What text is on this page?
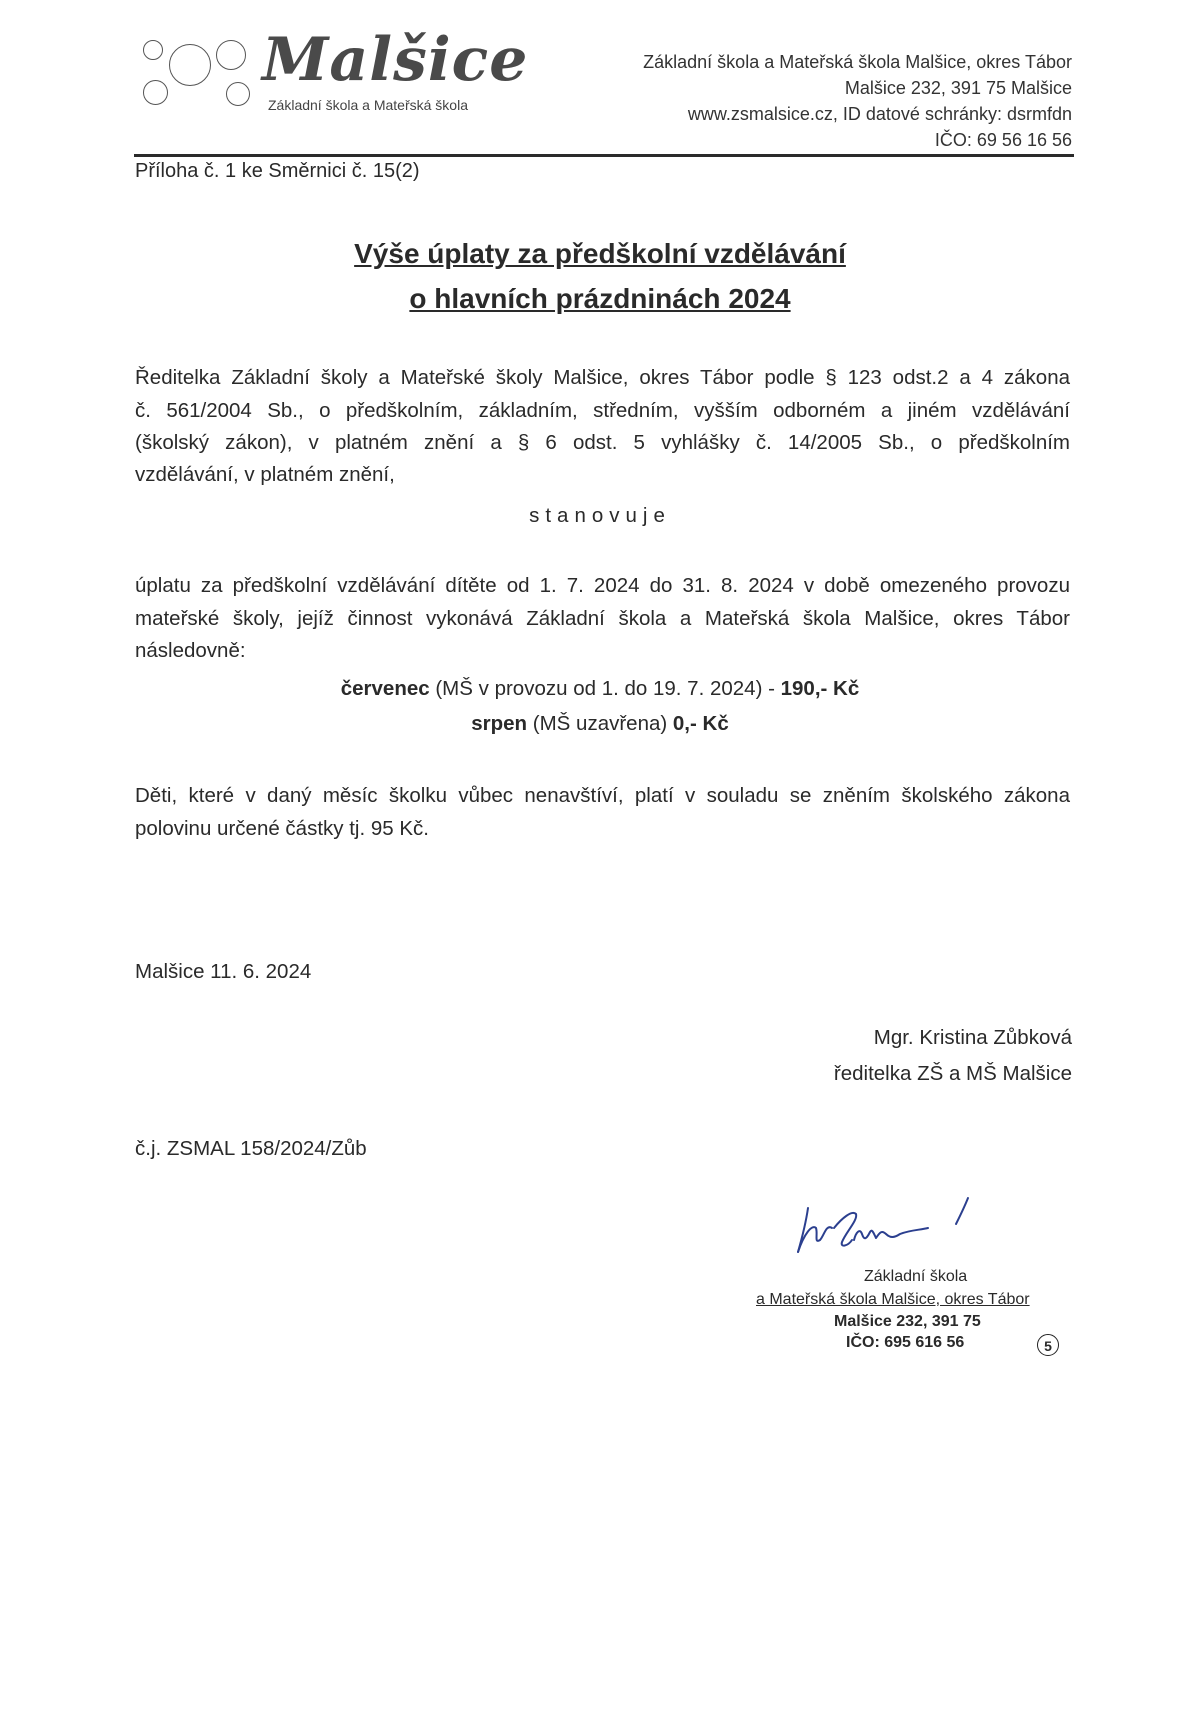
Malšice
Základní škola a Mateřská škola
Základní škola a Mateřská škola Malšice, okres Tábor
Malšice 232, 391 75 Malšice
www.zsmalsice.cz, ID datové schránky: dsrmfdn
IČO: 69 56 16 56
Příloha č. 1 ke Směrnici č. 15(2)
Výše úplaty za předškolní vzdělávání
o hlavních prázdninách 2024
Ředitelka Základní školy a Mateřské školy Malšice, okres Tábor podle § 123 odst.2 a 4 zákona
č. 561/2004 Sb., o předškolním, základním, středním, vyšším odborném a jiném vzdělávání
(školský zákon), v platném znění a § 6 odst. 5 vyhlášky č. 14/2005 Sb., o předškolním
vzdělávání, v platném znění,
stanovuje
úplatu za předškolní vzdělávání dítěte od 1. 7. 2024 do 31. 8. 2024 v době omezeného provozu
mateřské školy, jejíž činnost vykonává Základní škola a Mateřská škola Malšice, okres Tábor
následovně:
červenec (MŠ v provozu od 1. do 19. 7. 2024) - 190,- Kč
srpen (MŠ uzavřena) 0,- Kč
Děti, které v daný měsíc školku vůbec nenavštíví, platí v souladu se zněním školského zákona
polovinu určené částky tj. 95 Kč.
Malšice 11. 6. 2024
Mgr. Kristina Zůbková
ředitelka ZŠ a MŠ Malšice
č.j. ZSMAL 158/2024/Zůb
Základní škola
a Mateřská škola Malšice, okres Tábor
Malšice 232, 391 75
IČO: 695 616 56	5
